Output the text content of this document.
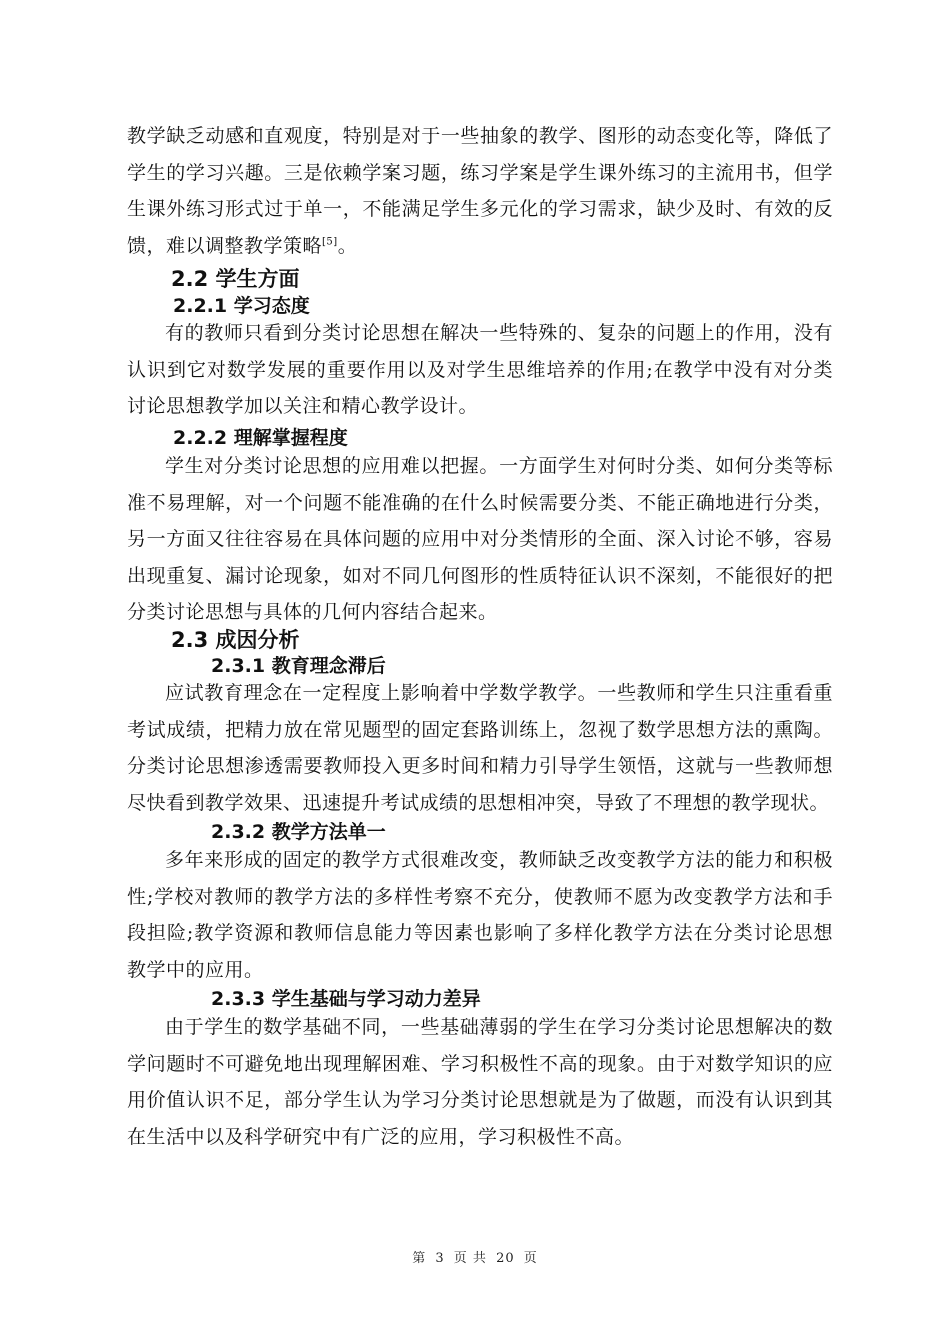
教学缺乏动感和直观度，特别是对于一些抽象的教学、图形的动态变化等，降低了学生的学习兴趣。三是依赖学案习题，练习学案是学生课外练习的主流用书，但学生课外练习形式过于单一，不能满足学生多元化的学习需求，缺少及时、有效的反馈，难以调整教学策略[5]。

2.2 学生方面
2.2.1 学习态度

有的教师只看到分类讨论思想在解决一些特殊的、复杂的问题上的作用，没有认识到它对数学发展的重要作用以及对学生思维培养的作用;在教学中没有对分类讨论思想教学加以关注和精心教学设计。

2.2.2 理解掌握程度

学生对分类讨论思想的应用难以把握。一方面学生对何时分类、如何分类等标准不易理解，对一个问题不能准确的在什么时候需要分类、不能正确地进行分类，另一方面又往往容易在具体问题的应用中对分类情形的全面、深入讨论不够，容易出现重复、漏讨论现象，如对不同几何图形的性质特征认识不深刻，不能很好的把分类讨论思想与具体的几何内容结合起来。

2.3 成因分析
2.3.1 教育理念滞后

应试教育理念在一定程度上影响着中学数学教学。一些教师和学生只注重看重考试成绩，把精力放在常见题型的固定套路训练上，忽视了数学思想方法的熏陶。分类讨论思想渗透需要教师投入更多时间和精力引导学生领悟，这就与一些教师想尽快看到教学效果、迅速提升考试成绩的思想相冲突，导致了不理想的教学现状。

2.3.2 教学方法单一

多年来形成的固定的教学方式很难改变，教师缺乏改变教学方法的能力和积极性;学校对教师的教学方法的多样性考察不充分，使教师不愿为改变教学方法和手段担险;教学资源和教师信息能力等因素也影响了多样化教学方法在分类讨论思想教学中的应用。

2.3.3 学生基础与学习动力差异

由于学生的数学基础不同，一些基础薄弱的学生在学习分类讨论思想解决的数学问题时不可避免地出现理解困难、学习积极性不高的现象。由于对数学知识的应用价值认识不足，部分学生认为学习分类讨论思想就是为了做题，而没有认识到其在生活中以及科学研究中有广泛的应用，学习积极性不高。

第 3 页 共 20 页
